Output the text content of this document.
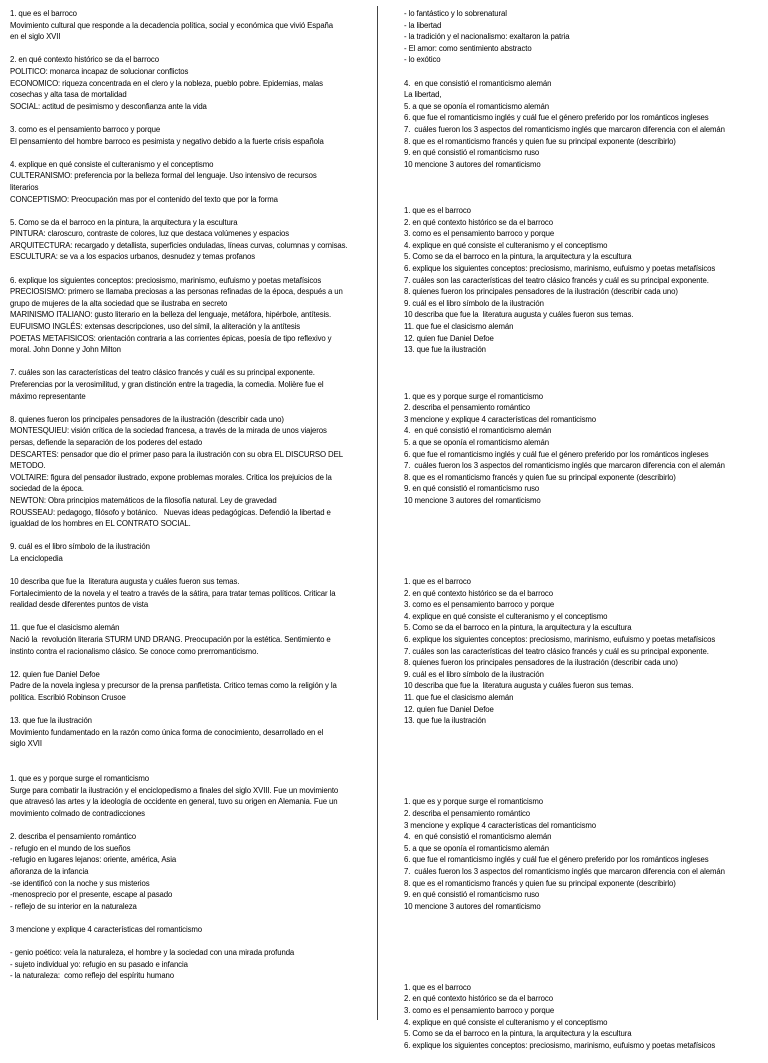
1. que es el barroco
Movimiento cultural que responde a la decadencia política, social y económica que vivió España
en el siglo XVII
2. en qué contexto histórico se da el barroco
POLITICO: monarca incapaz de solucionar conflictos
ECONOMICO: riqueza concentrada en el clero y la nobleza, pueblo pobre. Epidemias, malas
cosechas y alta tasa de mortalidad
SOCIAL: actitud de pesimismo y desconfianza ante la vida
3. como es el pensamiento barroco y porque
El pensamiento del hombre barroco es pesimista y negativo debido a la fuerte crisis española
4. explique en qué consiste el culteranismo y el conceptismo
CULTERANISMO: preferencia por la belleza formal del lenguaje. Uso intensivo de recursos
literarios
CONCEPTISMO: Preocupación mas por el contenido del texto que por la forma
5. Como se da el barroco en la pintura, la arquitectura y la escultura
PINTURA: claroscuro, contraste de colores, luz que destaca volúmenes y espacios
ARQUITECTURA: recargado y detallista, superficies onduladas, líneas curvas, columnas y cornisas.
ESCULTURA: se va a los espacios urbanos, desnudez y temas profanos
6. explique los siguientes conceptos: preciosismo, marinismo, eufuismo y poetas metafísicos
PRECIOSISMO: primero se llamaba preciosas a las personas refinadas de la época, después a un
grupo de mujeres de la alta sociedad que se ilustraba en secreto
MARINISMO ITALIANO: gusto literario en la belleza del lenguaje, metáfora, hipérbole, antítesis.
EUFUISMO INGLÉS: extensas descripciones, uso del símil, la aliteración y la antítesis
POETAS METAFISICOS: orientación contraria a las corrientes épicas, poesía de tipo reflexivo y
moral. John Donne y John Milton
7. cuáles son las características del teatro clásico francés y cuál es su principal exponente.
Preferencias por la verosimilitud, y gran distinción entre la tragedia, la comedia. Molière fue el
máximo representante
8. quienes fueron los principales pensadores de la ilustración (describir cada uno)
MONTESQUIEU: visión crítica de la sociedad francesa, a través de la mirada de unos viajeros
persas, defiende la separación de los poderes del estado
DESCARTES: pensador que dio el primer paso para la ilustración con su obra EL DISCURSO DEL
METODO.
VOLTAIRE: figura del pensador ilustrado, expone problemas morales. Critica los prejuicios de la
sociedad de la época.
NEWTON: Obra principios matemáticos de la filosofía natural. Ley de gravedad
ROUSSEAU: pedagogo, filósofo y botánico.   Nuevas ideas pedagógicas. Defendió la libertad e
igualdad de los hombres en EL CONTRATO SOCIAL.
9. cuál es el libro símbolo de la ilustración
La enciclopedia
10 describa que fue la  literatura augusta y cuáles fueron sus temas.
Fortalecimiento de la novela y el teatro a través de la sátira, para tratar temas políticos. Criticar la
realidad desde diferentes puntos de vista
11. que fue el clasicismo alemán
Nació la  revolución literaria STURM UND DRANG. Preocupación por la estética. Sentimiento e
instinto contra el racionalismo clásico. Se conoce como prerromanticismo.
12. quien fue Daniel Defoe
Padre de la novela inglesa y precursor de la prensa panfletista. Critico temas como la religión y la
política. Escribió Robinson Crusoe
13. que fue la ilustración
Movimiento fundamentado en la razón como única forma de conocimiento, desarrollado en el
siglo XVII
1. que es y porque surge el romanticismo
Surge para combatir la ilustración y el enciclopedismo a finales del siglo XVIII. Fue un movimiento
que atravesó las artes y la ideología de occidente en general, tuvo su origen en Alemania. Fue un
movimiento colmado de contradicciones
2. describa el pensamiento romántico
- refugio en el mundo de los sueños
-refugio en lugares lejanos: oriente, américa, Asia
añoranza de la infancia
-se identificó con la noche y sus misterios
-menosprecio por el presente, escape al pasado
- reflejo de su interior en la naturaleza
3 mencione y explique 4 características del romanticismo
- genio poético: veía la naturaleza, el hombre y la sociedad con una mirada profunda
- sujeto individual yo: refugio en su pasado e infancia
- la naturaleza:  como reflejo del espíritu humano
- lo fantástico y lo sobrenatural
- la libertad
- la tradición y el nacionalismo: exaltaron la patria
- El amor: como sentimiento abstracto
- lo exótico
4.  en que consistió el romanticismo alemán
La libertad,
5. a que se oponía el romanticismo alemán
6. que fue el romanticismo inglés y cuál fue el género preferido por los románticos ingleses
7.  cuáles fueron los 3 aspectos del romanticismo inglés que marcaron diferencia con el alemán
8. que es el romanticismo francés y quien fue su principal exponente (describirlo)
9. en qué consistió el romanticismo ruso
10 mencione 3 autores del romanticismo
1. que es el barroco
2. en qué contexto histórico se da el barroco
3. como es el pensamiento barroco y porque
4. explique en qué consiste el culteranismo y el conceptismo
5. Como se da el barroco en la pintura, la arquitectura y la escultura
6. explique los siguientes conceptos: preciosismo, marinismo, eufuismo y poetas metafísicos
7. cuáles son las características del teatro clásico francés y cuál es su principal exponente.
8. quienes fueron los principales pensadores de la ilustración (describir cada uno)
9. cuál es el libro símbolo de la ilustración
10 describa que fue la  literatura augusta y cuáles fueron sus temas.
11. que fue el clasicismo alemán
12. quien fue Daniel Defoe
13. que fue la ilustración
1. que es y porque surge el romanticismo
2. describa el pensamiento romántico
3 mencione y explique 4 características del romanticismo
4.  en qué consistió el romanticismo alemán
5. a que se oponía el romanticismo alemán
6. que fue el romanticismo inglés y cuál fue el género preferido por los románticos ingleses
7.  cuáles fueron los 3 aspectos del romanticismo inglés que marcaron diferencia con el alemán
8. que es el romanticismo francés y quien fue su principal exponente (describirlo)
9. en qué consistió el romanticismo ruso
10 mencione 3 autores del romanticismo
1. que es el barroco
2. en qué contexto histórico se da el barroco
3. como es el pensamiento barroco y porque
4. explique en qué consiste el culteranismo y el conceptismo
5. Como se da el barroco en la pintura, la arquitectura y la escultura
6. explique los siguientes conceptos: preciosismo, marinismo, eufuismo y poetas metafísicos
7. cuáles son las características del teatro clásico francés y cuál es su principal exponente.
8. quienes fueron los principales pensadores de la ilustración (describir cada uno)
9. cuál es el libro símbolo de la ilustración
10 describa que fue la  literatura augusta y cuáles fueron sus temas.
11. que fue el clasicismo alemán
12. quien fue Daniel Defoe
13. que fue la ilustración
1. que es y porque surge el romanticismo
2. describa el pensamiento romántico
3 mencione y explique 4 características del romanticismo
4.  en qué consistió el romanticismo alemán
5. a que se oponía el romanticismo alemán
6. que fue el romanticismo inglés y cuál fue el género preferido por los románticos ingleses
7.  cuáles fueron los 3 aspectos del romanticismo inglés que marcaron diferencia con el alemán
8. que es el romanticismo francés y quien fue su principal exponente (describirlo)
9. en qué consistió el romanticismo ruso
10 mencione 3 autores del romanticismo
1. que es el barroco
2. en qué contexto histórico se da el barroco
3. como es el pensamiento barroco y porque
4. explique en qué consiste el culteranismo y el conceptismo
5. Como se da el barroco en la pintura, la arquitectura y la escultura
6. explique los siguientes conceptos: preciosismo, marinismo, eufuismo y poetas metafísicos
